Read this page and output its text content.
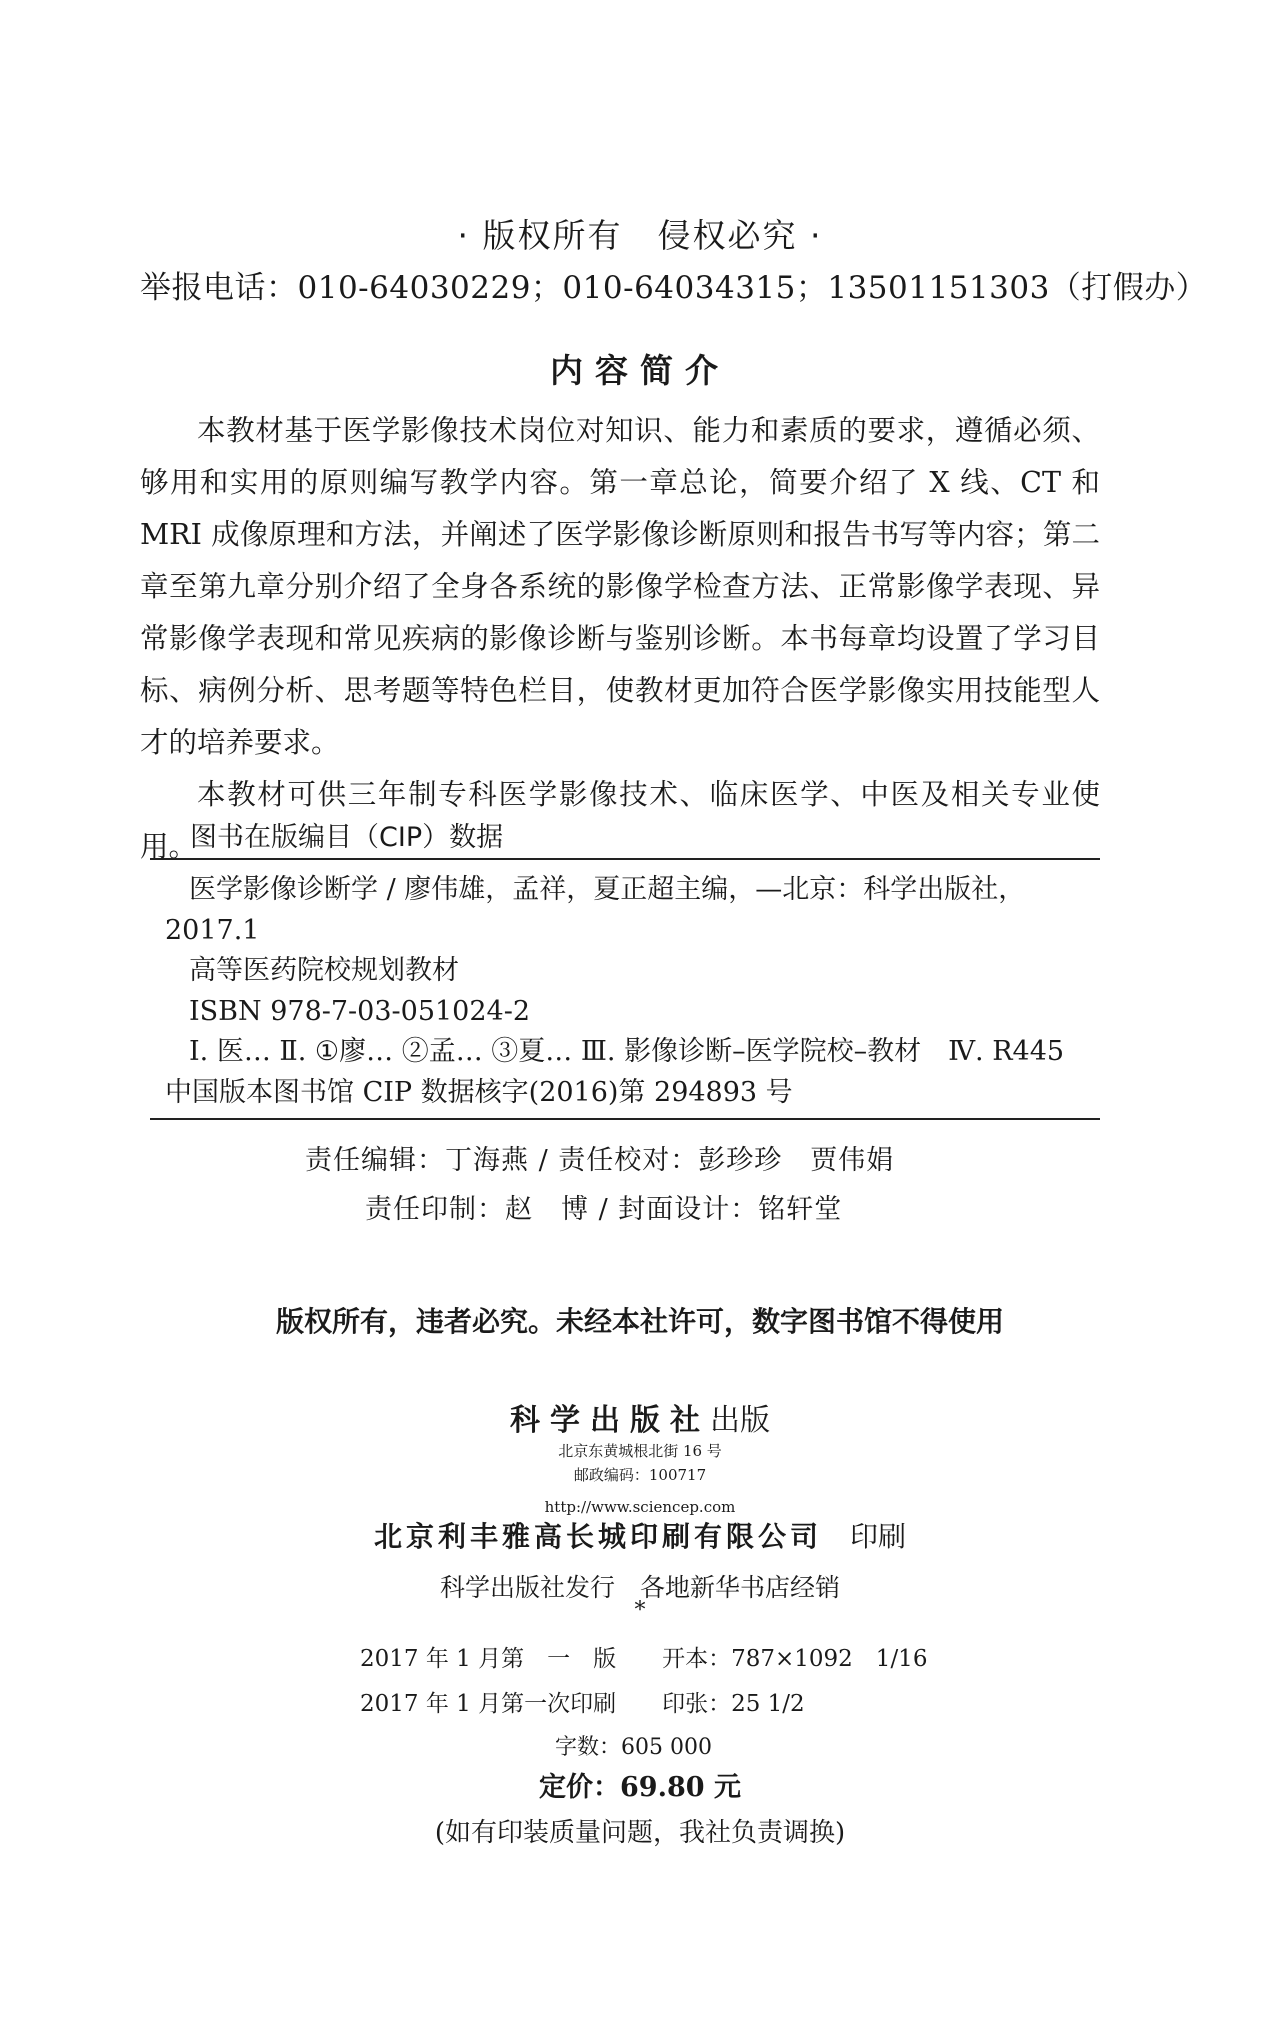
· 版权所有　侵权必究 ·
举报电话：010-64030229；010-64034315；13501151303（打假办）
内容简介

本教材基于医学影像技术岗位对知识、能力和素质的要求，遵循必须、够用和实用的原则编写教学内容。第一章总论，简要介绍了 X 线、CT 和 MRI 成像原理和方法，并阐述了医学影像诊断原则和报告书写等内容；第二章至第九章分别介绍了全身各系统的影像学检查方法、正常影像学表现、异常影像学表现和常见疾病的影像诊断与鉴别诊断。本书每章均设置了学习目标、病例分析、思考题等特色栏目，使教材更加符合医学影像实用技能型人才的培养要求。

本教材可供三年制专科医学影像技术、临床医学、中医及相关专业使用。

图书在版编目（CIP）数据
医学影像诊断学 / 廖伟雄，孟祥，夏正超主编，—北京：科学出版社，
2017.1
高等医药院校规划教材
ISBN 978-7-03-051024-2
Ⅰ. 医… Ⅱ. ①廖… ②孟… ③夏… Ⅲ. 影像诊断–医学院校–教材　Ⅳ. R445
中国版本图书馆 CIP 数据核字(2016)第 294893 号
责任编辑：丁海燕 / 责任校对：彭珍珍　贾伟娟
责任印制：赵　博 / 封面设计：铭轩堂
版权所有，违者必究。未经本社许可，数字图书馆不得使用
科学出版社出版
北京东黄城根北街 16 号
邮政编码：100717
http://www.sciencep.com
北京利丰雅高长城印刷有限公司　 印刷
科学出版社发行　各地新华书店经销
*
2017 年 1 月第　一　版　　开本：787×1092　1/16
2017 年 1 月第一次印刷　　印张：25 1/2
字数：605 000
定价：69.80 元
(如有印装质量问题，我社负责调换)
